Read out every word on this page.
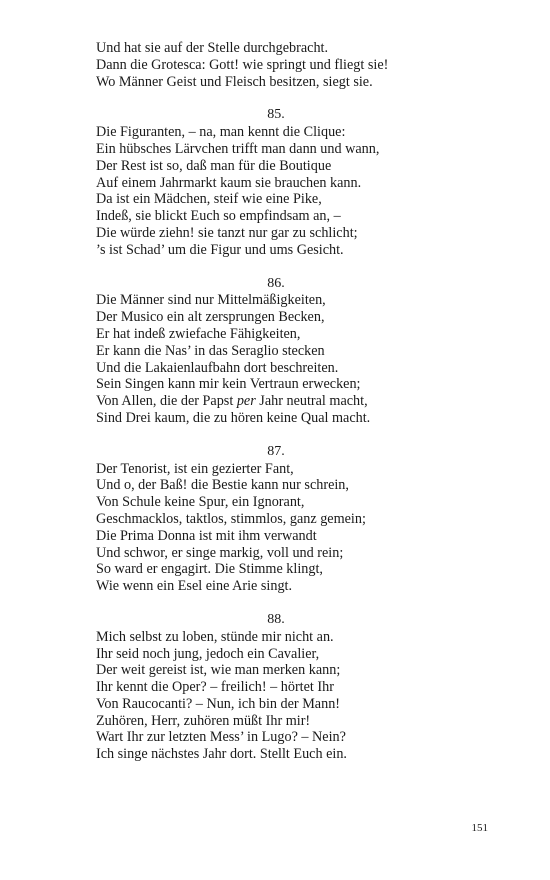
Und hat sie auf der Stelle durchgebracht.
Dann die Grotesca: Gott! wie springt und fliegt sie!
Wo Männer Geist und Fleisch besitzen, siegt sie.
85.
Die Figuranten, – na, man kennt die Clique:
Ein hübsches Lärvchen trifft man dann und wann,
Der Rest ist so, daß man für die Boutique
Auf einem Jahrmarkt kaum sie brauchen kann.
Da ist ein Mädchen, steif wie eine Pike,
Indeß, sie blickt Euch so empfindsam an, –
Die würde ziehn! sie tanzt nur gar zu schlicht;
’s ist Schad’ um die Figur und ums Gesicht.
86.
Die Männer sind nur Mittelmäßigkeiten,
Der Musico ein alt zersprungen Becken,
Er hat indeß zwiefache Fähigkeiten,
Er kann die Nas’ in das Seraglio stecken
Und die Lakaienlaufbahn dort beschreiten.
Sein Singen kann mir kein Vertraun erwecken;
Von Allen, die der Papst per Jahr neutral macht,
Sind Drei kaum, die zu hören keine Qual macht.
87.
Der Tenorist, ist ein gezierter Fant,
Und o, der Baß! die Bestie kann nur schrein,
Von Schule keine Spur, ein Ignorant,
Geschmacklos, taktlos, stimmlos, ganz gemein;
Die Prima Donna ist mit ihm verwandt
Und schwor, er singe markig, voll und rein;
So ward er engagirt. Die Stimme klingt,
Wie wenn ein Esel eine Arie singt.
88.
Mich selbst zu loben, stünde mir nicht an.
Ihr seid noch jung, jedoch ein Cavalier,
Der weit gereist ist, wie man merken kann;
Ihr kennt die Oper? – freilich! – hörtet Ihr
Von Raucocanti? – Nun, ich bin der Mann!
Zuhören, Herr, zuhören müßt Ihr mir!
Wart Ihr zur letzten Mess’ in Lugo? – Nein?
Ich singe nächstes Jahr dort. Stellt Euch ein.
151
